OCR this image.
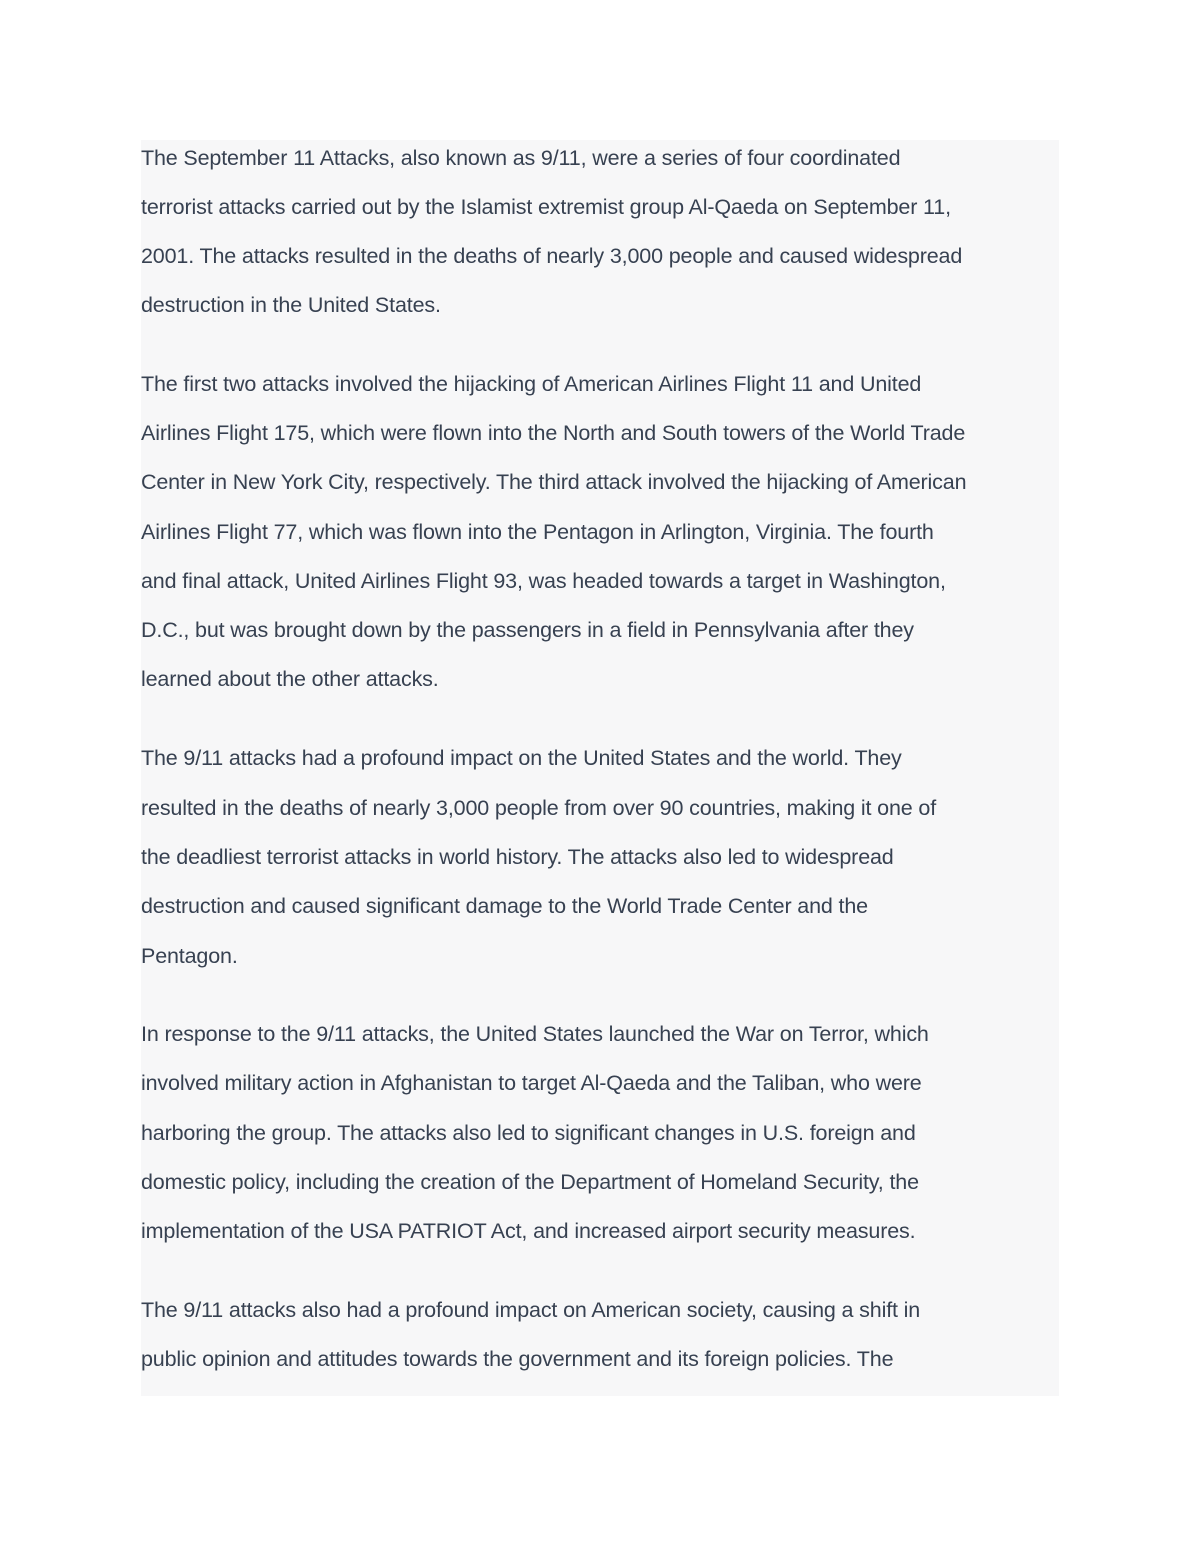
The September 11 Attacks, also known as 9/11, were a series of four coordinated
terrorist attacks carried out by the Islamist extremist group Al-Qaeda on September 11,
2001. The attacks resulted in the deaths of nearly 3,000 people and caused widespread
destruction in the United States.
The first two attacks involved the hijacking of American Airlines Flight 11 and United
Airlines Flight 175, which were flown into the North and South towers of the World Trade
Center in New York City, respectively. The third attack involved the hijacking of American
Airlines Flight 77, which was flown into the Pentagon in Arlington, Virginia. The fourth
and final attack, United Airlines Flight 93, was headed towards a target in Washington,
D.C., but was brought down by the passengers in a field in Pennsylvania after they
learned about the other attacks.
The 9/11 attacks had a profound impact on the United States and the world. They
resulted in the deaths of nearly 3,000 people from over 90 countries, making it one of
the deadliest terrorist attacks in world history. The attacks also led to widespread
destruction and caused significant damage to the World Trade Center and the
Pentagon.
In response to the 9/11 attacks, the United States launched the War on Terror, which
involved military action in Afghanistan to target Al-Qaeda and the Taliban, who were
harboring the group. The attacks also led to significant changes in U.S. foreign and
domestic policy, including the creation of the Department of Homeland Security, the
implementation of the USA PATRIOT Act, and increased airport security measures.
The 9/11 attacks also had a profound impact on American society, causing a shift in
public opinion and attitudes towards the government and its foreign policies. The
